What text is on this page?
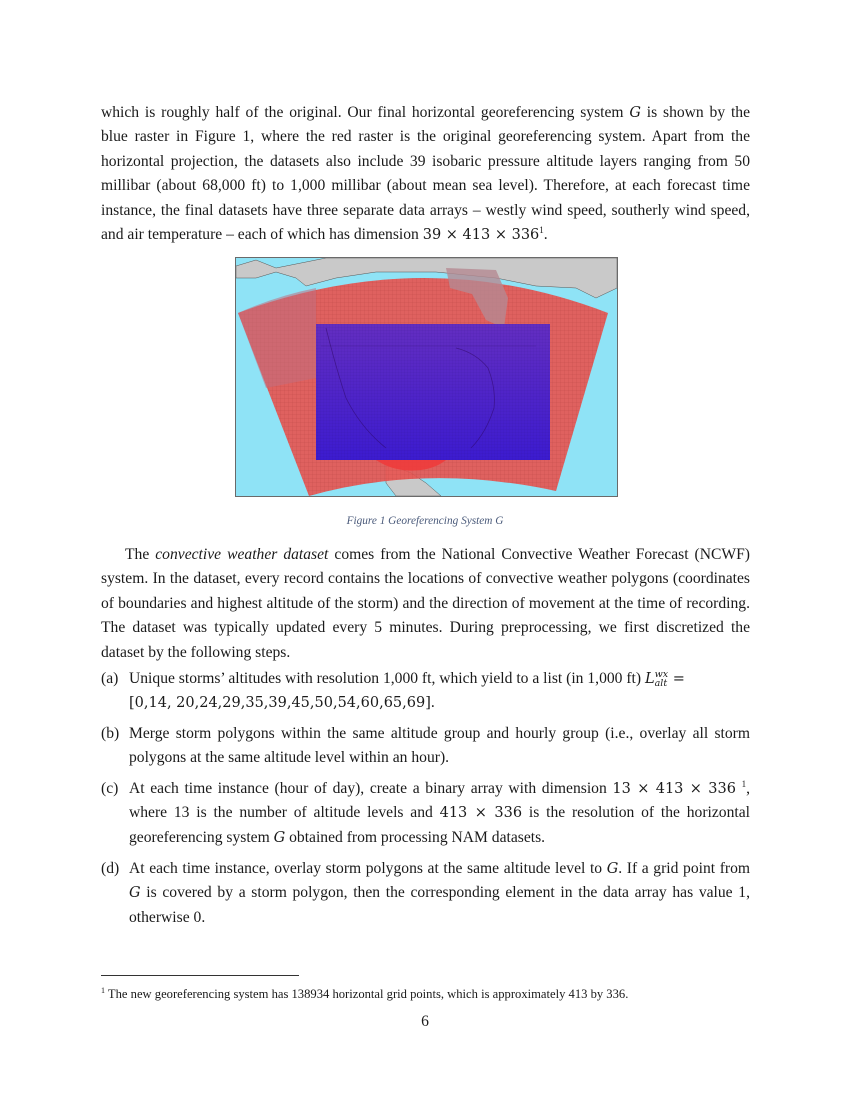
which is roughly half of the original. Our final horizontal georeferencing system G is shown by the blue raster in Figure 1, where the red raster is the original georeferencing system. Apart from the horizontal projection, the datasets also include 39 isobaric pressure altitude layers ranging from 50 millibar (about 68,000 ft) to 1,000 millibar (about mean sea level). Therefore, at each forecast time instance, the final datasets have three separate data arrays – westly wind speed, southerly wind speed, and air temperature – each of which has dimension 39 × 413 × 336$^1$.

Figure 1 Georeferencing System G

The convective weather dataset comes from the National Convective Weather Forecast (NCWF) system. In the dataset, every record contains the locations of convective weather polygons (coordinates of boundaries and highest altitude of the storm) and the direction of movement at the time of recording. The dataset was typically updated every 5 minutes. During preprocessing, we first discretized the dataset by the following steps.

(a) Unique storms’ altitudes with resolution 1,000 ft, which yield to a list (in 1,000 ft) L wx
alt =
[0,14, 20,24,29,35,39,45,50,54,60,65,69].
(b) Merge storm polygons within the same altitude group and hourly group (i.e., overlay all storm polygons at the same altitude level within an hour).
(c) At each time instance (hour of day), create a binary array with dimension 13 × 413 × 336 $^1$, where 13 is the number of altitude levels and 413 × 336 is the resolution of the horizontal georeferencing system G obtained from processing NAM datasets.
(d) At each time instance, overlay storm polygons at the same altitude level to G. If a grid point from G is covered by a storm polygon, then the corresponding element in the data array has value 1, otherwise 0.
$^1$ The new georeferencing system has 138934 horizontal grid points, which is approximately 413 by 336.
6
